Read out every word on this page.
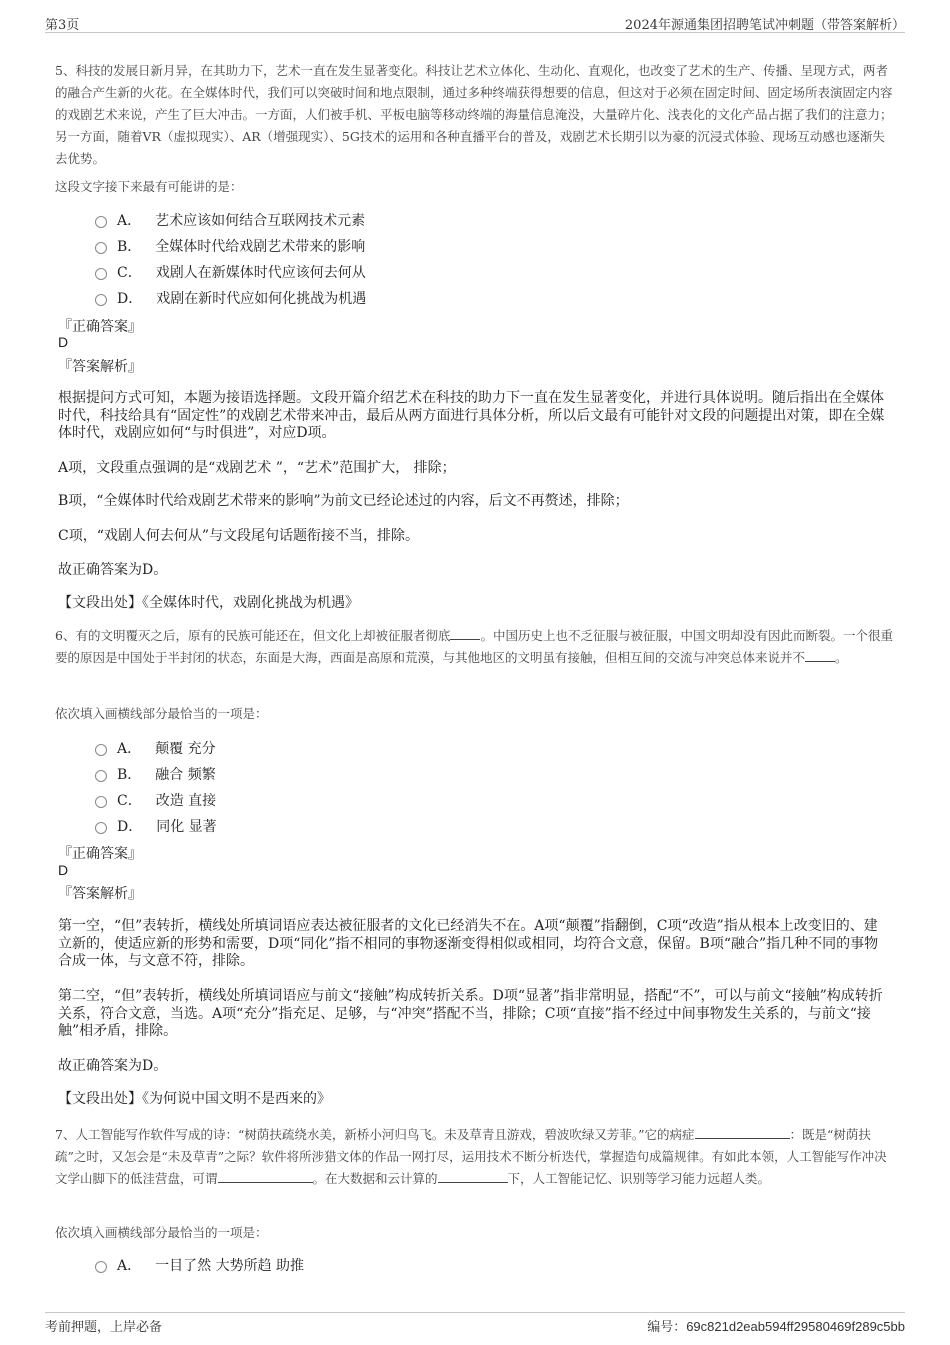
第3页	2024年源通集团招聘笔试冲刺题（带答案解析）
5、科技的发展日新月异，在其助力下，艺术一直在发生显著变化。科技让艺术立体化、生动化、直观化，也改变了艺术的生产、传播、呈现方式，两者的融合产生新的火花。在全媒体时代，我们可以突破时间和地点限制，通过多种终端获得想要的信息，但这对于必须在固定时间、固定场所表演固定内容的戏剧艺术来说，产生了巨大冲击。一方面，人们被手机、平板电脑等移动终端的海量信息淹没，大量碎片化、浅表化的文化产品占据了我们的注意力；另一方面，随着VR（虚拟现实）、AR（增强现实）、5G技术的运用和各种直播平台的普及，戏剧艺术长期引以为豪的沉浸式体验、现场互动感也逐渐失去优势。
这段文字接下来最有可能讲的是：
A． 艺术应该如何结合互联网技术元素
B． 全媒体时代给戏剧艺术带来的影响
C． 戏剧人在新媒体时代应该何去何从
D． 戏剧在新时代应如何化挑战为机遇
『正确答案』
D
『答案解析』
根据提问方式可知，本题为接语选择题。文段开篇介绍艺术在科技的助力下一直在发生显著变化，并进行具体说明。随后指出在全媒体时代，科技给具有“固定性”的戏剧艺术带来冲击，最后从两方面进行具体分析，所以后文最有可能针对文段的问题提出对策，即在全媒体时代，戏剧应如何“与时俱进”，对应D项。
A项，文段重点强调的是“戏剧艺术 ”，“艺术”范围扩大， 排除；
B项，“全媒体时代给戏剧艺术带来的影响”为前文已经论述过的内容，后文不再赘述，排除；
C项，“戏剧人何去何从”与文段尾句话题衔接不当，排除。
故正确答案为D。
【文段出处】《全媒体时代，戏剧化挑战为机遇》
6、有的文明覆灭之后，原有的民族可能还在，但文化上却被征服者彻底 。中国历史上也不乏征服与被征服，中国文明却没有因此而断裂。一个很重要的原因是中国处于半封闭的状态，东面是大海，西面是高原和荒漠，与其他地区的文明虽有接触，但相互间的交流与冲突总体来说并不 。
依次填入画横线部分最恰当的一项是：
A． 颠覆 充分
B． 融合 频繁
C． 改造 直接
D． 同化 显著
『正确答案』
D
『答案解析』
第一空，“但”表转折，横线处所填词语应表达被征服者的文化已经消失不在。A项“颠覆”指翻倒，C项“改造”指从根本上改变旧的、建立新的，使适应新的形势和需要，D项“同化”指不相同的事物逐渐变得相似或相同，均符合文意，保留。B项“融合”指几种不同的事物合成一体，与文意不符，排除。
第二空，“但”表转折，横线处所填词语应与前文“接触”构成转折关系。D项“显著”指非常明显，搭配“不”，可以与前文“接触”构成转折关系，符合文意，当选。A项“充分”指充足、足够，与“冲突”搭配不当，排除；C项“直接”指不经过中间事物发生关系的，与前文“接触”相矛盾，排除。
故正确答案为D。
【文段出处】《为何说中国文明不是西来的》
7、人工智能写作软件写成的诗：“树荫扶疏绕水美，新桥小河归鸟飞。未及草青且游戏，碧波吹绿又芳菲。”它的病症	：既是“树荫扶疏”之时，又怎会是“未及草青”之际？软件将所涉猎文体的作品一网打尽，运用技术不断分析迭代，掌握造句成篇规律。有如此本领，人工智能写作冲决文学山脚下的低洼营盘，可谓	。在大数据和云计算的	下，人工智能记忆、识别等学习能力远超人类。
依次填入画横线部分最恰当的一项是：
A． 一目了然 大势所趋 助推
考前押题，上岸必备	编号：69c821d2eab594ff29580469f289c5bb
